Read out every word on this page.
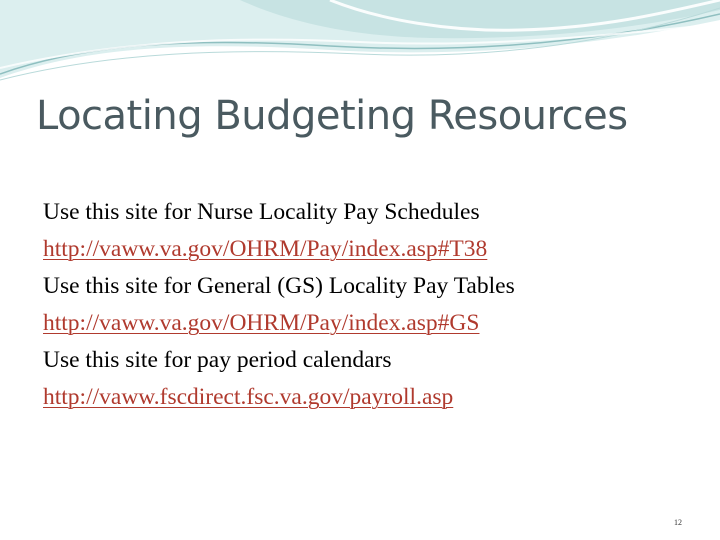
Locating Budgeting Resources
Use this site for Nurse Locality Pay Schedules
http://vaww.va.gov/OHRM/Pay/index.asp#T38
Use this site for General (GS) Locality Pay Tables
http://vaww.va.gov/OHRM/Pay/index.asp#GS
Use this site for pay period calendars
http://vaww.fscdirect.fsc.va.gov/payroll.asp
12
